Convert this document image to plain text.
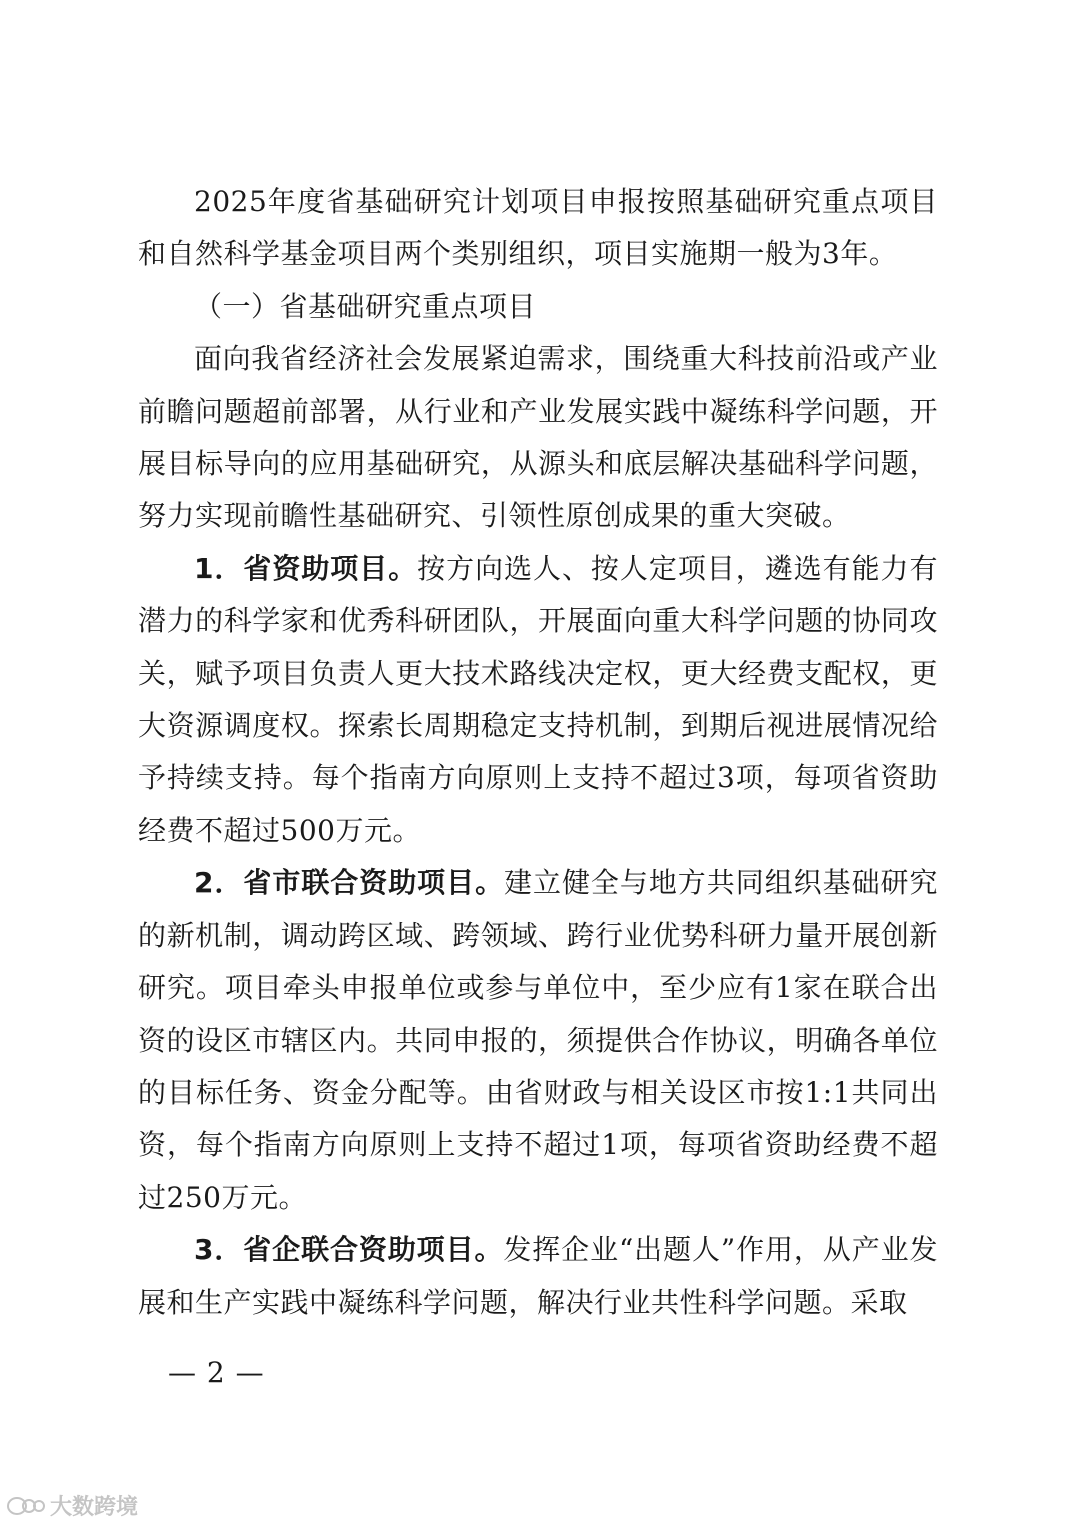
2025年度省基础研究计划项目申报按照基础研究重点项目和自然科学基金项目两个类别组织，项目实施期一般为3年。

（一）省基础研究重点项目

面向我省经济社会发展紧迫需求，围绕重大科技前沿或产业前瞻问题超前部署，从行业和产业发展实践中凝练科学问题，开展目标导向的应用基础研究，从源头和底层解决基础科学问题，努力实现前瞻性基础研究、引领性原创成果的重大突破。

1．省资助项目。按方向选人、按人定项目，遴选有能力有潜力的科学家和优秀科研团队，开展面向重大科学问题的协同攻关，赋予项目负责人更大技术路线决定权，更大经费支配权，更大资源调度权。探索长周期稳定支持机制，到期后视进展情况给予持续支持。每个指南方向原则上支持不超过3项，每项省资助经费不超过500万元。

2．省市联合资助项目。建立健全与地方共同组织基础研究的新机制，调动跨区域、跨领域、跨行业优势科研力量开展创新研究。项目牵头申报单位或参与单位中，至少应有1家在联合出资的设区市辖区内。共同申报的，须提供合作协议，明确各单位的目标任务、资金分配等。由省财政与相关设区市按1:1共同出资，每个指南方向原则上支持不超过1项，每项省资助经费不超过250万元。

3．省企联合资助项目。发挥企业“出题人”作用，从产业发展和生产实践中凝练科学问题，解决行业共性科学问题。采取

— 2 —
大数跨境
